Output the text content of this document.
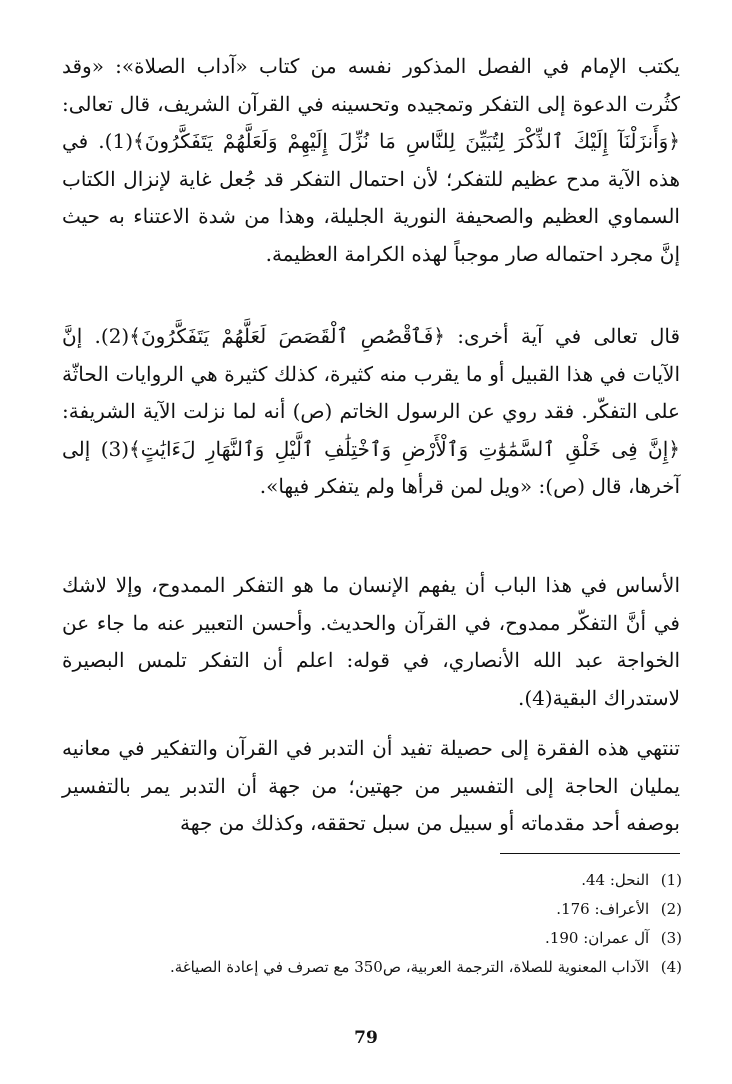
يكتب الإمام في الفصل المذكور نفسه من كتاب «آداب الصلاة»: «وقد كثُرت الدعوة إلى التفكر وتمجيده وتحسينه في القرآن الشريف، قال تعالى: ﴿وَأَنزَلْنَآ إِلَيْكَ ٱلذِّكْرَ لِتُبَيِّنَ لِلنَّاسِ مَا نُزِّلَ إِلَيْهِمْ وَلَعَلَّهُمْ يَتَفَكَّرُونَ﴾(1). في هذه الآية مدح عظيم للتفكر؛ لأن احتمال التفكر قد جُعل غاية لإنزال الكتاب السماوي العظيم والصحيفة النورية الجليلة، وهذا من شدة الاعتناء به حيث إنَّ مجرد احتماله صار موجباً لهذه الكرامة العظيمة.

قال تعالى في آية أخرى: ﴿فَٱقْصُصِ ٱلْقَصَصَ لَعَلَّهُمْ يَتَفَكَّرُونَ﴾(2). إنَّ الآيات في هذا القبيل أو ما يقرب منه كثيرة، كذلك كثيرة هي الروايات الحاثّة على التفكّر. فقد روي عن الرسول الخاتم (ص) أنه لما نزلت الآية الشريفة: ﴿إِنَّ فِى خَلْقِ ٱلسَّمَٰوَٰتِ وَٱلْأَرْضِ وَٱخْتِلَٰفِ ٱلَّيْلِ وَٱلنَّهَارِ لَءَايَٰتٍ﴾(3) إلى آخرها، قال (ص): «ويل لمن قرأها ولم يتفكر فيها».

الأساس في هذا الباب أن يفهم الإنسان ما هو التفكر الممدوح، وإلا لاشك في أنَّ التفكّر ممدوح، في القرآن والحديث. وأحسن التعبير عنه ما جاء عن الخواجة عبد الله الأنصاري، في قوله: اعلم أن التفكر تلمس البصيرة لاستدراك البقية(4).

تنتهي هذه الفقرة إلى حصيلة تفيد أن التدبر في القرآن والتفكير في معانيه يمليان الحاجة إلى التفسير من جهتين؛ من جهة أن التدبر يمر بالتفسير بوصفه أحد مقدماته أو سبيل من سبل تحققه، وكذلك من جهة

(1) النحل: 44.
(2) الأعراف: 176.
(3) آل عمران: 190.
(4) الآداب المعنوية للصلاة، الترجمة العربية، ص350 مع تصرف في إعادة الصياغة.
79
